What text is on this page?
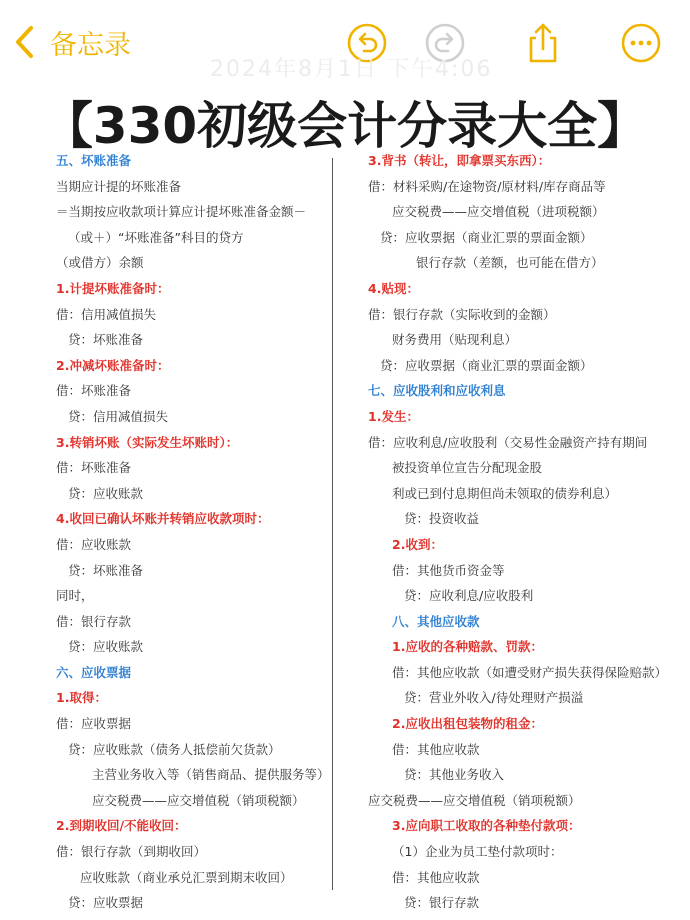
备忘录
2024年8月1日 下午4:06
【330初级会计分录大全】
五、坏账准备
当期应计提的坏账准备
＝当期按应收款项计算应计提坏账准备金额－
（或＋）“坏账准备”科目的贷方
（或借方）余额
1.计提坏账准备时：
借：信用减值损失
贷：坏账准备
2.冲减坏账准备时：
借：坏账准备
贷：信用减值损失
3.转销坏账（实际发生坏账时）：
借：坏账准备
贷：应收账款
4.收回已确认坏账并转销应收款项时：
借：应收账款
贷：坏账准备
同时，
借：银行存款
贷：应收账款
六、应收票据
1.取得：
借：应收票据
贷：应收账款（债务人抵偿前欠货款）
主营业务收入等（销售商品、提供服务等）
应交税费——应交增值税（销项税额）
2.到期收回/不能收回：
借：银行存款（到期收回）
应收账款（商业承兑汇票到期末收回）
贷：应收票据
3.背书（转让，即拿票买东西）：
借：材料采购/在途物资/原材料/库存商品等
应交税费——应交增值税（进项税额）
贷：应收票据（商业汇票的票面金额）
银行存款（差额，也可能在借方）
4.贴现：
借：银行存款（实际收到的金额）
财务费用（贴现利息）
贷：应收票据（商业汇票的票面金额）
七、应收股利和应收利息
1.发生：
借：应收利息/应收股利（交易性金融资产持有期间
被投资单位宣告分配现金股
利或已到付息期但尚未领取的债券利息）
贷：投资收益
2.收到：
借：其他货币资金等
贷：应收利息/应收股利
八、其他应收款
1.应收的各种赔款、罚款：
借：其他应收款（如遭受财产损失获得保险赔款）
贷：营业外收入/待处理财产损溢
2.应收出租包装物的租金：
借：其他应收款
贷：其他业务收入
应交税费——应交增值税（销项税额）
3.应向职工收取的各种垫付款项：
（1）企业为员工垫付款项时：
借：其他应收款
贷：银行存款
